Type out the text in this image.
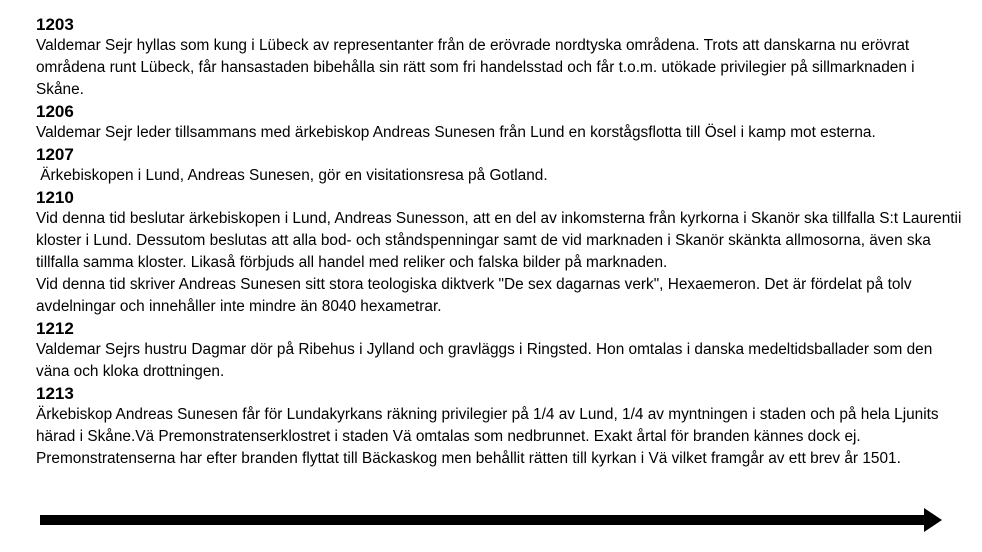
1203

Valdemar Sejr hyllas som kung i Lübeck av representanter från de erövrade nordtyska områdena. Trots att danskarna nu erövrat områdena runt Lübeck, får hansastaden bibehålla sin rätt som fri handelsstad och får t.o.m. utökade privilegier på sillmarknaden i Skåne.

1206

Valdemar Sejr leder tillsammans med ärkebiskop Andreas Sunesen från Lund en korstågsflotta till Ösel i kamp mot esterna.

1207

Ärkebiskopen i Lund, Andreas Sunesen, gör en visitationsresa på Gotland.

1210

Vid denna tid beslutar ärkebiskopen i Lund, Andreas Sunesson, att en del av inkomsterna från kyrkorna i Skanör ska tillfalla S:t Laurentii kloster i Lund. Dessutom beslutas att alla bod- och ståndspenningar samt de vid marknaden i Skanör skänkta allmosorna, även ska tillfalla samma kloster. Likaså förbjuds all handel med reliker och falska bilder på marknaden.

Vid denna tid skriver Andreas Sunesen sitt stora teologiska diktverk "De sex dagarnas verk", Hexaemeron. Det är fördelat på tolv avdelningar och innehåller inte mindre än 8040 hexametrar.

1212

Valdemar Sejrs hustru Dagmar dör på Ribehus i Jylland och gravläggs i Ringsted. Hon omtalas i danska medeltidsballader som den väna och kloka drottningen.

1213

Ärkebiskop Andreas Sunesen får för Lundakyrkans räkning privilegier på 1/4 av Lund, 1/4 av myntningen i staden och på hela Ljunits härad i Skåne.Vä Premonstratenserklostret i staden Vä omtalas som nedbrunnet. Exakt årtal för branden kännes dock ej. Premonstratenserna har efter branden flyttat till Bäckaskog men behållit rätten till kyrkan i Vä vilket framgår av ett brev år 1501.
